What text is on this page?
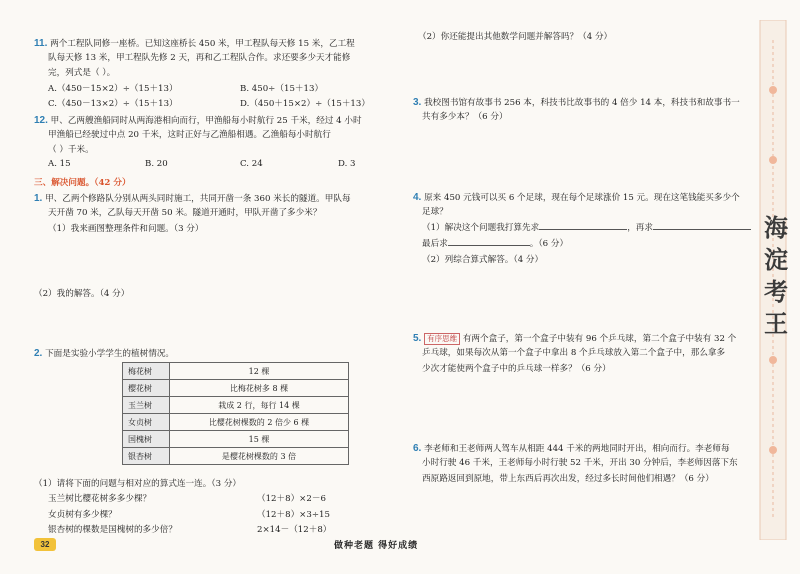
11. 两个工程队同修一座桥。已知这座桥长 450 米，甲工程队每天修 15 米，乙工程
队每天修 13 米，甲工程队先修 2 天，再和乙工程队合作。求还要多少天才能修
完，列式是（ ）。
A.（450－15×2）÷（15＋13）	B. 450÷（15＋13）
C.（450－13×2）÷（15＋13）	D.（450＋15×2）÷（15＋13）
12. 甲、乙两艘渔船同时从两海港相向而行，甲渔船每小时航行 25 千米，经过 4 小时
甲渔船已经驶过中点 20 千米，这时正好与乙渔船相遇。乙渔船每小时航行
（ ）千米。
A. 15	B. 20	C. 24	D. 3
三、解决问题。（42 分）
1. 甲、乙两个修路队分别从两头同时施工，共同开凿一条 360 米长的隧道。甲队每
天开凿 70 米，乙队每天开凿 50 米。隧道开通时，甲队开凿了多少米？
（1）我来画图整理条件和问题。（3 分）
（2）我的解答。（4 分）
2. 下面是实验小学学生的植树情况。
梅花树	12 棵
樱花树	比梅花树多 8 棵
玉兰树	栽成 2 行，每行 14 棵
女贞树	比樱花树棵数的 2 倍少 6 棵
国槐树	15 棵
银杏树	是樱花树棵数的 3 倍
（1）请将下面的问题与相对应的算式连一连。（3 分）
玉兰树比樱花树多多少棵？	（12＋8）×2－6
女贞树有多少棵？	（12＋8）×3÷15
银杏树的棵数是国槐树的多少倍？	2×14－（12＋8）
（2）你还能提出其他数学问题并解答吗？（4 分）
3. 我校图书馆有故事书 256 本，科技书比故事书的 4 倍少 14 本，科技书和故事书一
共有多少本？（6 分）
4. 原来 450 元钱可以买 6 个足球，现在每个足球涨价 15 元。现在这笔钱能买多少个
足球？
（1）解决这个问题我打算先求	，再求
最后求	。（6 分）
（2）列综合算式解答。（4 分）
5. 有序思维 有两个盒子，第一个盒子中装有 96 个乒乓球，第二个盒子中装有 32 个
乒乓球，如果每次从第一个盒子中拿出 8 个乒乓球放入第二个盒子中，那么拿多
少次才能使两个盒子中的乒乓球一样多？（6 分）
6. 李老师和王老师两人驾车从相距 444 千米的两地同时开出，相向而行。李老师每
小时行驶 46 千米，王老师每小时行驶 52 千米，开出 30 分钟后，李老师因落下东
西原路返回到原地，带上东西后再次出发，经过多长时间他们相遇？（6 分）
海
淀
考
王
32	做种老题 得好成绩
